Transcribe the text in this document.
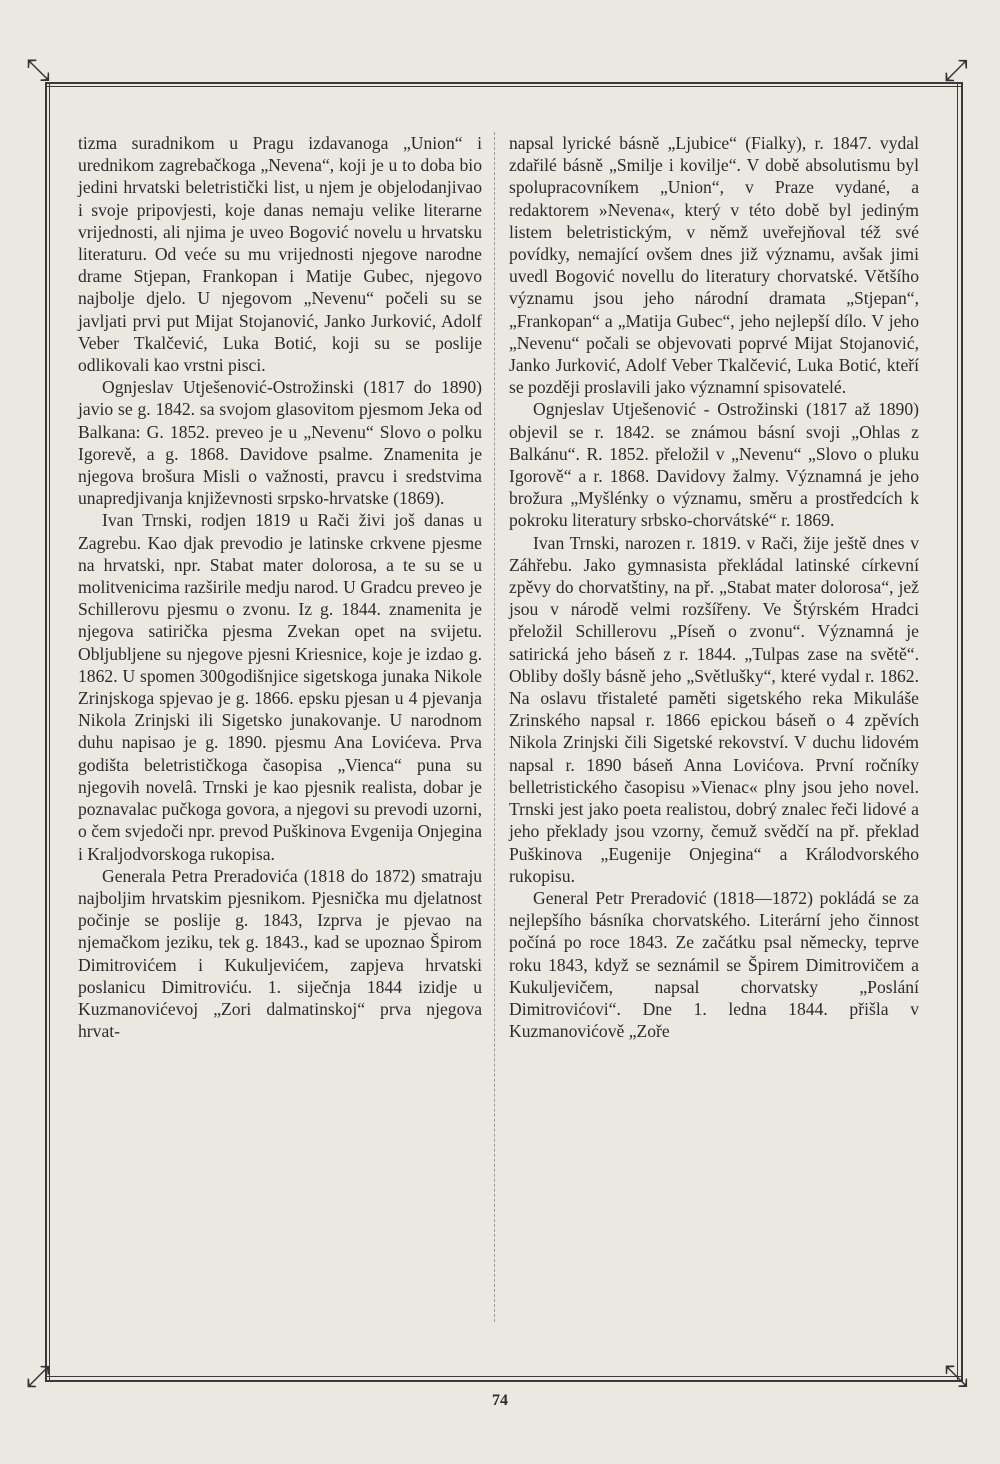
⤡	⤢
⤢	⤡

tizma suradnikom u Pragu izdavanoga „Union“ i urednikom zagrebačkoga „Nevena“, koji je u to doba bio jedini hrvatski beletristički list, u njem je objelodanjivao i svoje pripovjesti, koje danas nemaju velike literarne vrijednosti, ali njima je uveo Bogović novelu u hrvatsku literaturu. Od veće su mu vrijednosti njegove narodne drame Stjepan, Frankopan i Matije Gubec, njegovo najbolje djelo. U njegovom „Nevenu“ počeli su se javljati prvi put Mijat Stojanović, Janko Jurković, Adolf Veber Tkalčević, Luka Botić, koji su se poslije odlikovali kao vrstni pisci.

Ognjeslav Utješenović-Ostrožinski (1817 do 1890) javio se g. 1842. sa svojom glasovitom pjesmom Jeka od Balkana: G. 1852. preveo je u „Nevenu“ Slovo o polku Igorevě, a g. 1868. Davidove psalme. Znamenita je njegova brošura Misli o važnosti, pravcu i sredstvima unapredjivanja književnosti srpsko-hrvatske (1869).

Ivan Trnski, rodjen 1819 u Rači živi još danas u Zagrebu. Kao djak prevodio je latinske crkvene pjesme na hrvatski, npr. Stabat mater dolorosa, a te su se u molitvenicima razširile medju narod. U Gradcu preveo je Schillerovu pjesmu o zvonu. Iz g. 1844. znamenita je njegova satirička pjesma Zvekan opet na svijetu. Obljubljene su njegove pjesni Kriesnice, koje je izdao g. 1862. U spomen 300godišnjice sigetskoga junaka Nikole Zrinjskoga spjevao je g. 1866. epsku pjesan u 4 pjevanja Nikola Zrinjski ili Sigetsko junakovanje. U narodnom duhu napisao je g. 1890. pjesmu Ana Lovićeva. Prva godišta beletrističkoga časopisa „Vienca“ puna su njegovih novelâ. Trnski je kao pjesnik realista, dobar je poznavalac pučkoga govora, a njegovi su prevodi uzorni, o čem svjedoči npr. prevod Puškinova Evgenija Onjegina i Kraljodvorskoga rukopisa.

Generala Petra Preradovića (1818 do 1872) smatraju najboljim hrvatskim pjesnikom. Pjesnička mu djelatnost počinje se poslije g. 1843, Izprva je pjevao na njemačkom jeziku, tek g. 1843., kad se upoznao Špirom Dimitrovićem i Kukuljevićem, zapjeva hrvatski poslanicu Dimitroviću. 1. siječnja 1844 izidje u Kuzmanovićevoj „Zori dalmatinskoj“ prva njegova hrvat-

napsal lyrické básně „Ljubice“ (Fialky), r. 1847. vydal zdařilé básně „Smilje i kovilje“. V době absolutismu byl spolupracovníkem „Union“, v Praze vydané, a redaktorem »Nevena«, který v této době byl jediným listem beletristickým, v němž uveřejňoval též své povídky, nemající ovšem dnes již významu, avšak jimi uvedl Bogović novellu do literatury chorvatské. Většího významu jsou jeho národní dramata „Stjepan“, „Frankopan“ a „Matija Gubec“, jeho nejlepší dílo. V jeho „Nevenu“ počali se objevovati poprvé Mijat Stojanović, Janko Jurković, Adolf Veber Tkalčević, Luka Botić, kteří se později proslavili jako významní spisovatelé.

Ognjeslav Utješenović - Ostrožinski (1817 až 1890) objevil se r. 1842. se známou básní svoji „Ohlas z Balkánu“. R. 1852. přeložil v „Nevenu“ „Slovo o pluku Igorově“ a r. 1868. Davidovy žalmy. Významná je jeho brožura „Myšlénky o významu, směru a prostředcích k pokroku literatury srbsko-chorvátské“ r. 1869.

Ivan Trnski, narozen r. 1819. v Rači, žije ještě dnes v Záhřebu. Jako gymnasista překládal latinské církevní zpěvy do chorvatštiny, na př. „Stabat mater dolorosa“, jež jsou v národě velmi rozšířeny. Ve Štýrském Hradci přeložil Schillerovu „Píseň o zvonu“. Významná je satirická jeho báseň z r. 1844. „Tulpas zase na světě“. Obliby došly básně jeho „Světlušky“, které vydal r. 1862. Na oslavu třistaleté paměti sigetského reka Mikuláše Zrinského napsal r. 1866 epickou báseň o 4 zpěvích Nikola Zrinjski čili Sigetské rekovství. V duchu lidovém napsal r. 1890 báseň Anna Lovićova. První ročníky belletristického časopisu »Vienac« plny jsou jeho novel. Trnski jest jako poeta realistou, dobrý znalec řeči lidové a jeho překlady jsou vzorny, čemuž svědčí na př. překlad Puškinova „Eugenije Onjegina“ a Králodvorského rukopisu.

General Petr Preradović (1818—1872) pokládá se za nejlepšího básníka chorvatského. Literární jeho činnost počíná po roce 1843. Ze začátku psal německy, teprve roku 1843, když se seznámil se Špirem Dimitrovičem a Kukuljevičem, napsal chorvatsky „Poslání Dimitrovićovi“. Dne 1. ledna 1844. přišla v Kuzmanovićově „Zoře

74
